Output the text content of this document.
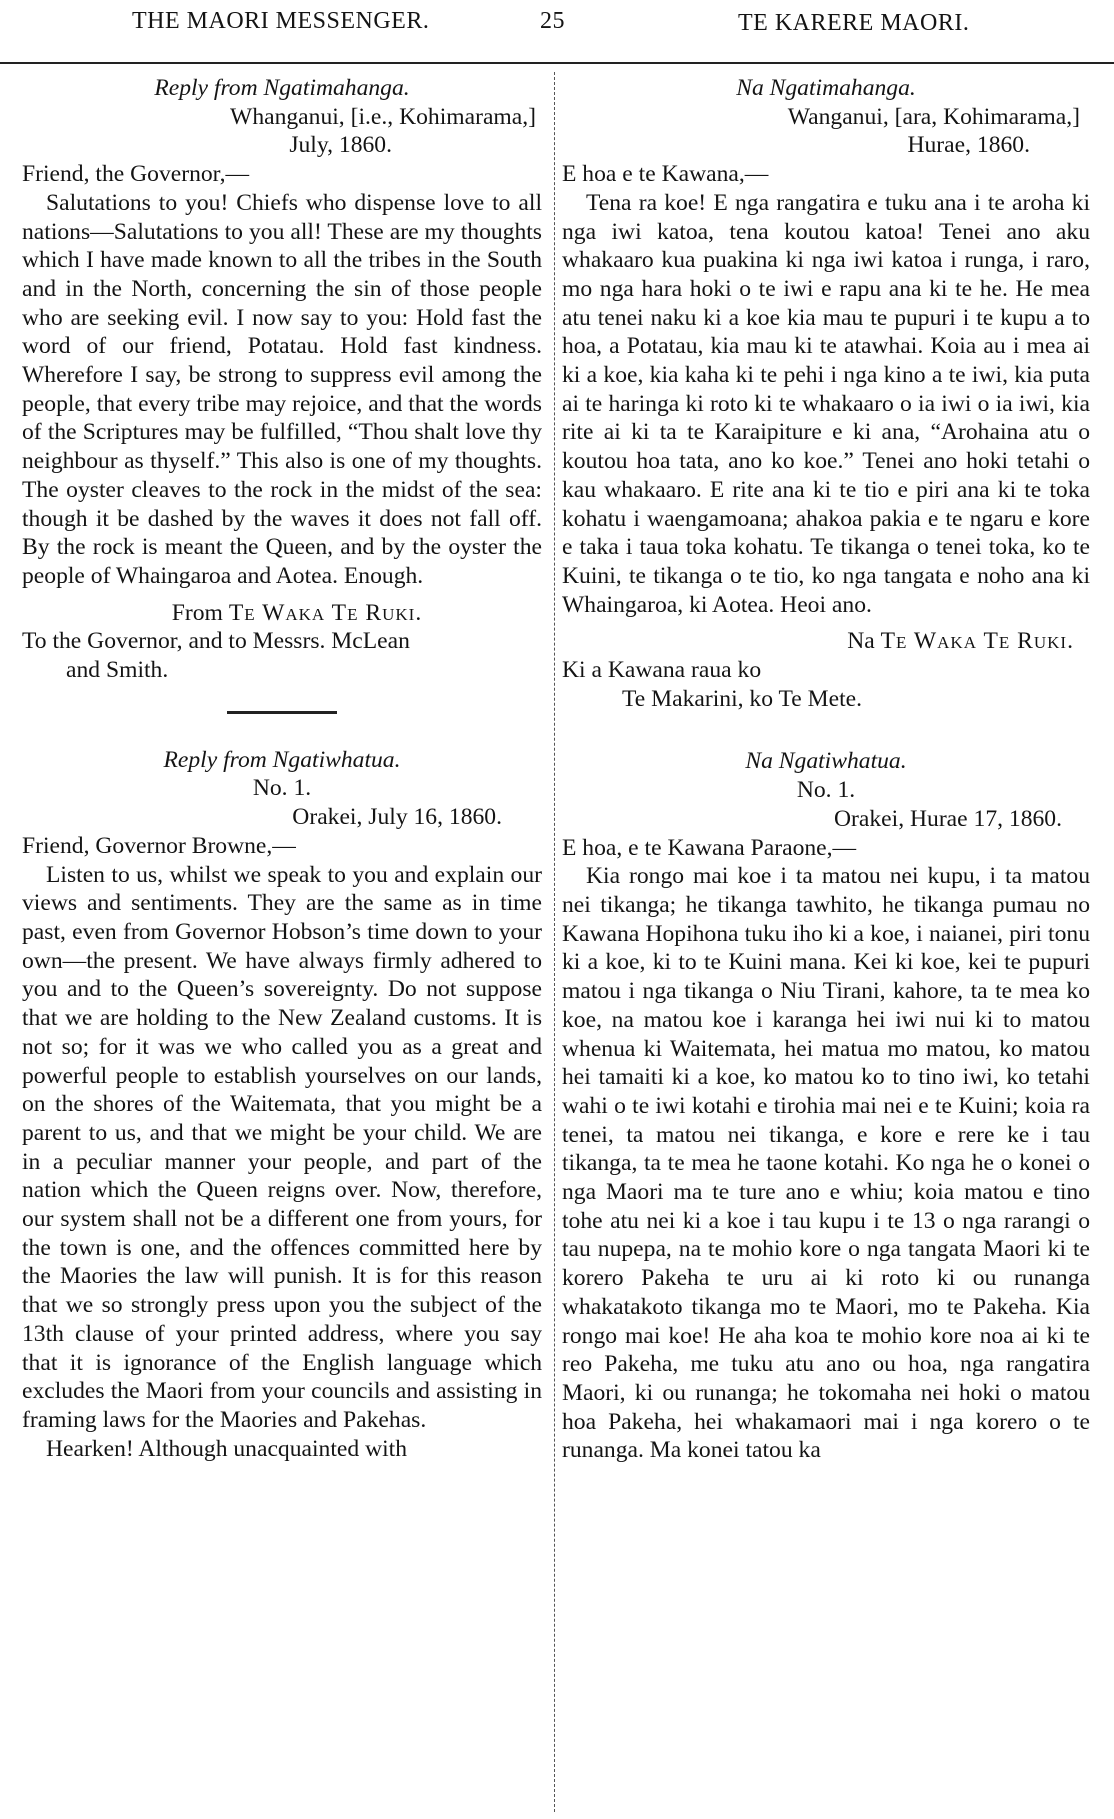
THE MAORI MESSENGER.	25	TE KARERE MAORI.
Reply from Ngatimahanga.
Whanganui, [i.e., Kohimarama,]
July, 1860.

Friend, the Governor,—

Salutations to you! Chiefs who dispense love to all nations—Salutations to you all! These are my thoughts which I have made known to all the tribes in the South and in the North, concerning the sin of those people who are seeking evil. I now say to you: Hold fast the word of our friend, Potatau. Hold fast kindness. Wherefore I say, be strong to suppress evil among the people, that every tribe may rejoice, and that the words of the Scriptures may be fulfilled, “Thou shalt love thy neighbour as thyself.” This also is one of my thoughts. The oyster cleaves to the rock in the midst of the sea: though it be dashed by the waves it does not fall off. By the rock is meant the Queen, and by the oyster the people of Whaingaroa and Aotea. Enough.

From Te Waka Te Ruki.
To the Governor, and to Messrs. McLean
and Smith.
Reply from Ngatiwhatua.
No. 1.
Orakei, July 16, 1860.

Friend, Governor Browne,—

Listen to us, whilst we speak to you and explain our views and sentiments. They are the same as in time past, even from Governor Hobson’s time down to your own—the present. We have always firmly adhered to you and to the Queen’s sovereignty. Do not suppose that we are holding to the New Zealand customs. It is not so; for it was we who called you as a great and powerful people to establish yourselves on our lands, on the shores of the Waitemata, that you might be a parent to us, and that we might be your child. We are in a peculiar manner your people, and part of the nation which the Queen reigns over. Now, therefore, our system shall not be a different one from yours, for the town is one, and the offences committed here by the Maories the law will punish. It is for this reason that we so strongly press upon you the subject of the 13th clause of your printed address, where you say that it is ignorance of the English language which excludes the Maori from your councils and assisting in framing laws for the Maories and Pakehas.

Hearken! Although unacquainted with

Na Ngatimahanga.
Wanganui, [ara, Kohimarama,]
Hurae, 1860.

E hoa e te Kawana,—

Tena ra koe! E nga rangatira e tuku ana i te aroha ki nga iwi katoa, tena koutou katoa! Tenei ano aku whakaaro kua puakina ki nga iwi katoa i runga, i raro, mo nga hara hoki o te iwi e rapu ana ki te he. He mea atu tenei naku ki a koe kia mau te pupuri i te kupu a to hoa, a Potatau, kia mau ki te atawhai. Koia au i mea ai ki a koe, kia kaha ki te pehi i nga kino a te iwi, kia puta ai te haringa ki roto ki te whakaaro o ia iwi o ia iwi, kia rite ai ki ta te Karaipiture e ki ana, “Arohaina atu o koutou hoa tata, ano ko koe.” Tenei ano hoki tetahi o kau whakaaro. E rite ana ki te tio e piri ana ki te toka kohatu i waengamoana; ahakoa pakia e te ngaru e kore e taka i taua toka kohatu. Te tikanga o tenei toka, ko te Kuini, te tikanga o te tio, ko nga tangata e noho ana ki Whaingaroa, ki Aotea. Heoi ano.

Na Te Waka Te Ruki.
Ki a Kawana raua ko
Te Makarini, ko Te Mete.
Na Ngatiwhatua.
No. 1.
Orakei, Hurae 17, 1860.

E hoa, e te Kawana Paraone,—

Kia rongo mai koe i ta matou nei kupu, i ta matou nei tikanga; he tikanga tawhito, he tikanga pumau no Kawana Hopihona tuku iho ki a koe, i naianei, piri tonu ki a koe, ki to te Kuini mana. Kei ki koe, kei te pupuri matou i nga tikanga o Niu Tirani, kahore, ta te mea ko koe, na matou koe i karanga hei iwi nui ki to matou whenua ki Waitemata, hei matua mo matou, ko matou hei tamaiti ki a koe, ko matou ko to tino iwi, ko tetahi wahi o te iwi kotahi e tirohia mai nei e te Kuini; koia ra tenei, ta matou nei tikanga, e kore e rere ke i tau tikanga, ta te mea he taone kotahi. Ko nga he o konei o nga Maori ma te ture ano e whiu; koia matou e tino tohe atu nei ki a koe i tau kupu i te 13 o nga rarangi o tau nupepa, na te mohio kore o nga tangata Maori ki te korero Pakeha te uru ai ki roto ki ou runanga whakatakoto tikanga mo te Maori, mo te Pakeha. Kia rongo mai koe! He aha koa te mohio kore noa ai ki te reo Pakeha, me tuku atu ano ou hoa, nga rangatira Maori, ki ou runanga; he tokomaha nei hoki o matou hoa Pakeha, hei whakamaori mai i nga korero o te runanga. Ma konei tatou ka
